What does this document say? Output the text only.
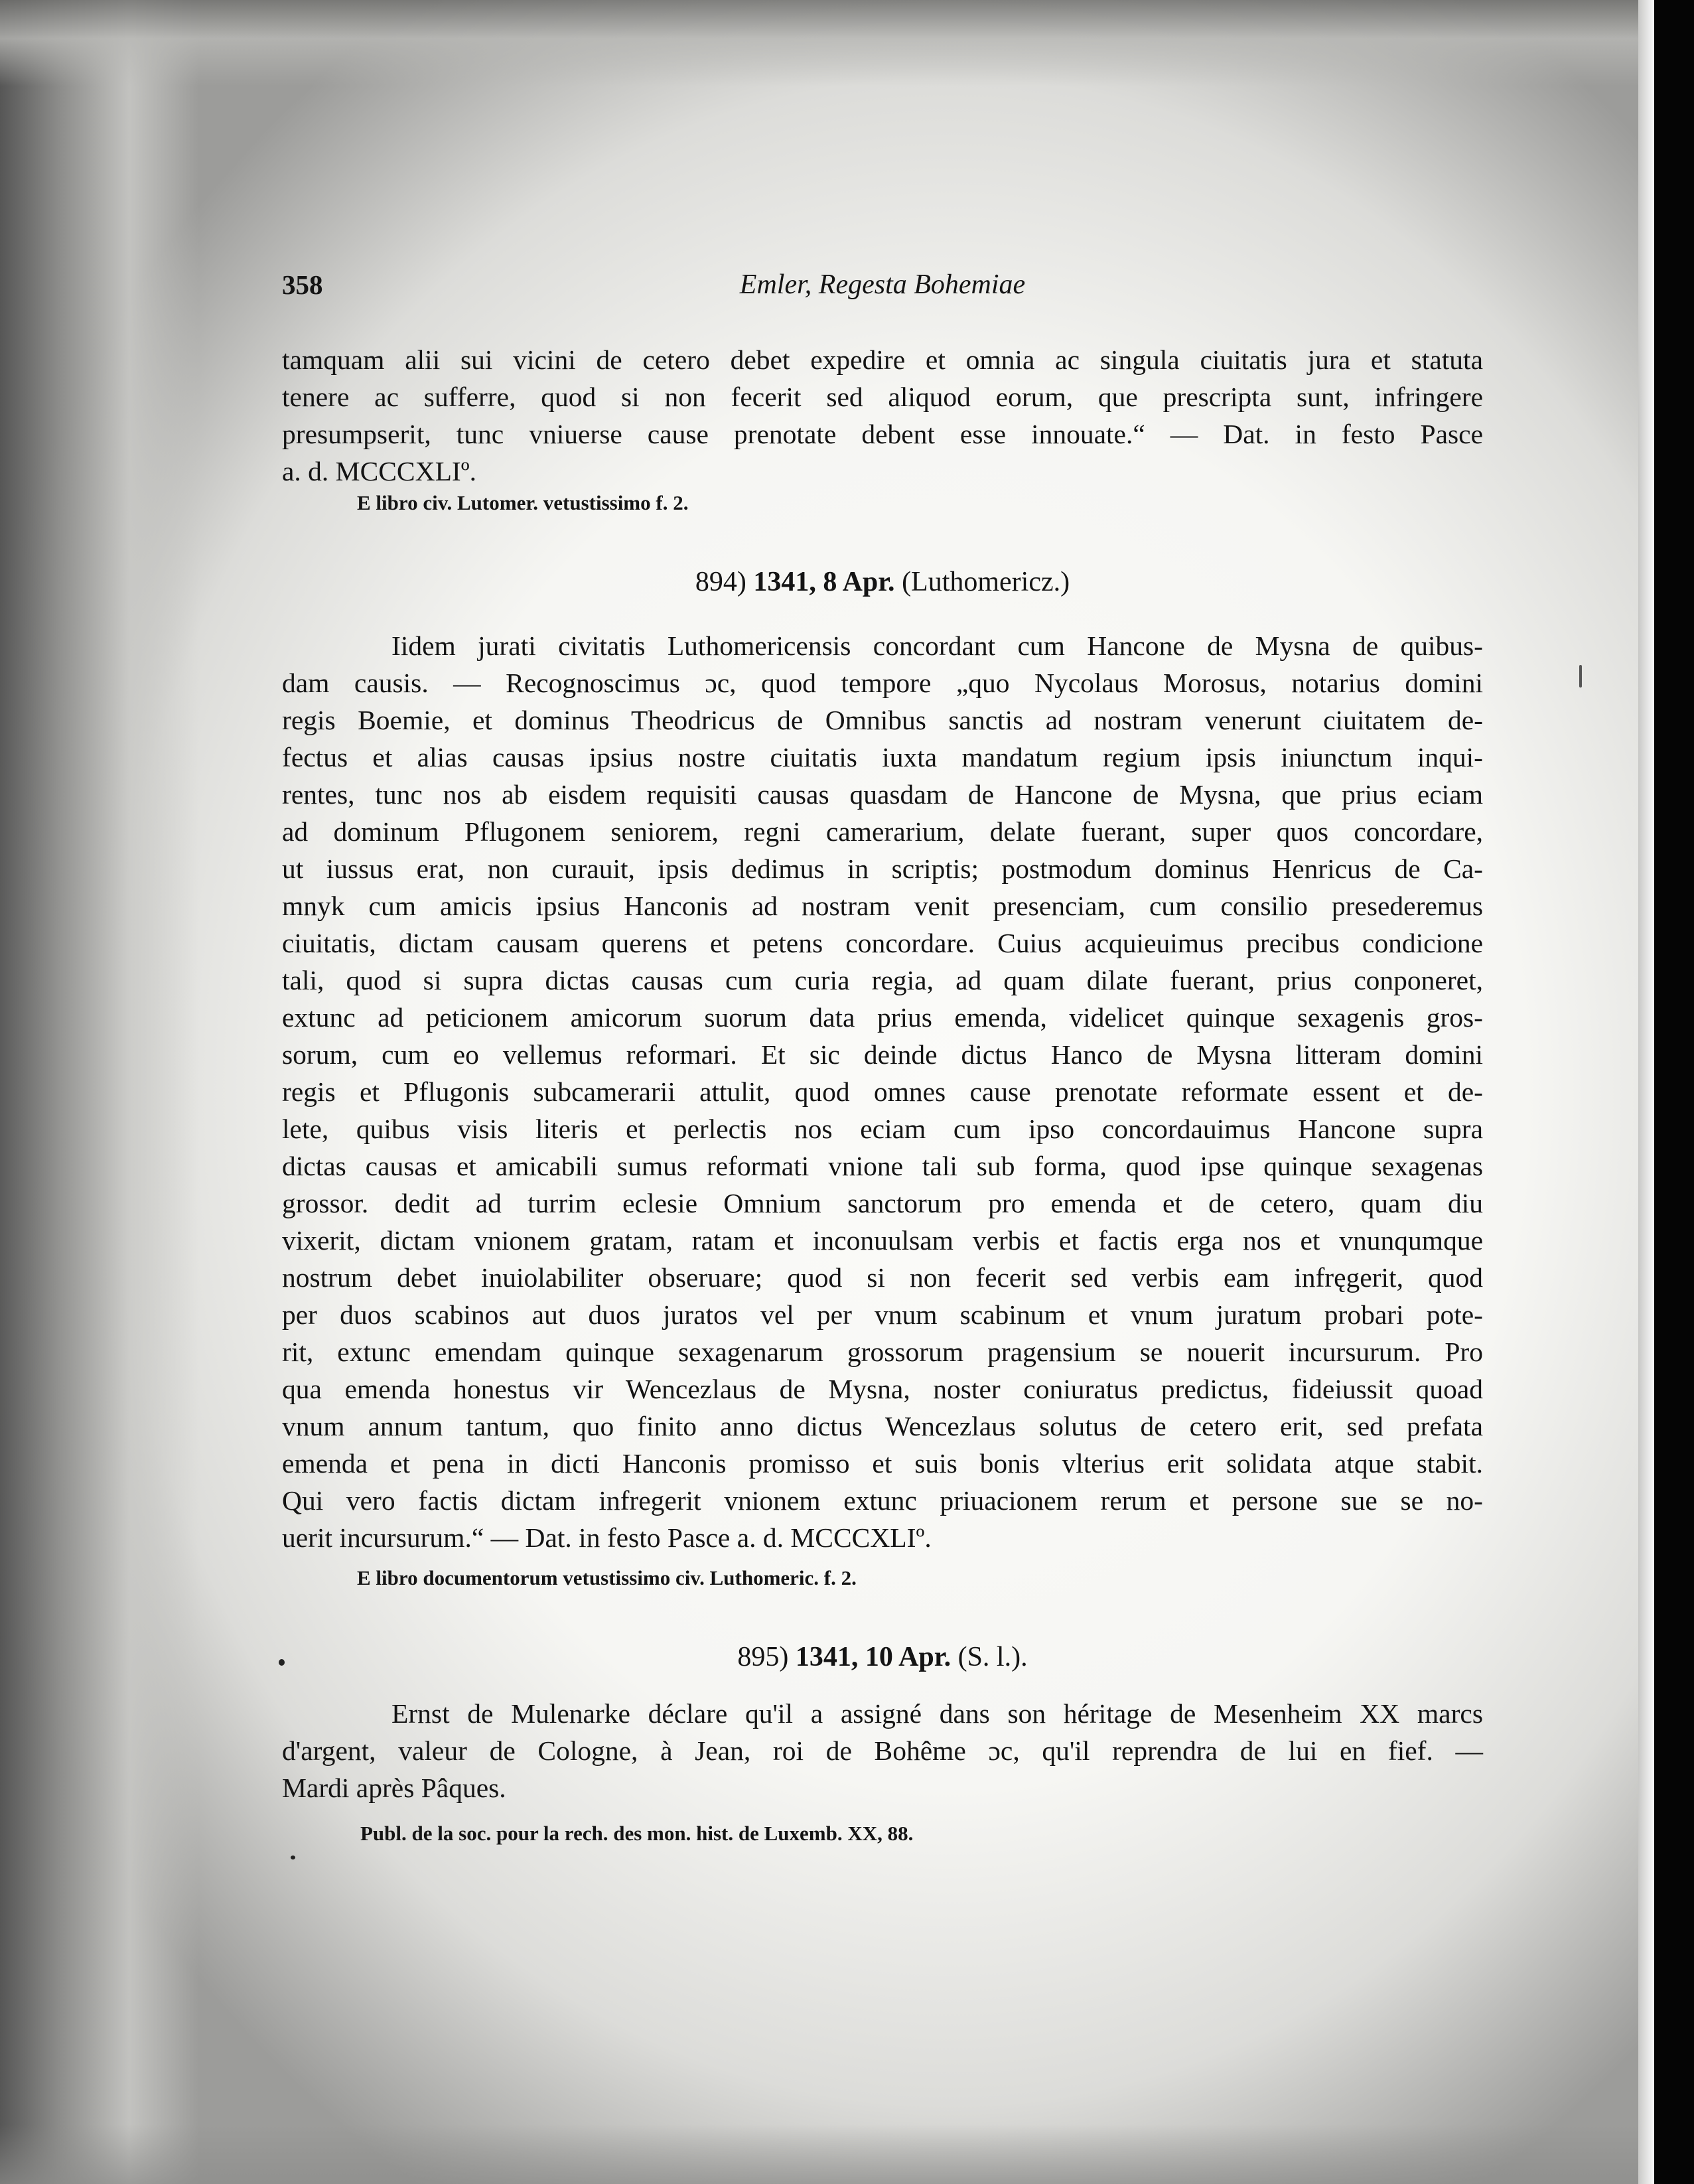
358	Emler, Regesta Bohemiae
tamquam alii sui vicini de cetero debet expedire et omnia ac singula ciuitatis jura et statuta
tenere ac sufferre, quod si non fecerit sed aliquod eorum, que prescripta sunt, infringere
presumpserit, tunc vniuerse cause prenotate debent esse innouate.“ — Dat. in festo Pasce
a. d. MCCCXLIº.
E libro civ. Lutomer. vetustissimo f. 2.
894) 1341, 8 Apr. (Luthomericz.)
Iidem jurati civitatis Luthomericensis concordant cum Hancone de Mysna de quibus-
dam causis. — Recognoscimus ɔc, quod tempore „quo Nycolaus Morosus, notarius domini
regis Boemie, et dominus Theodricus de Omnibus sanctis ad nostram venerunt ciuitatem de-
fectus et alias causas ipsius nostre ciuitatis iuxta mandatum regium ipsis iniunctum inqui-
rentes, tunc nos ab eisdem requisiti causas quasdam de Hancone de Mysna, que prius eciam
ad dominum Pflugonem seniorem, regni camerarium, delate fuerant, super quos concordare,
ut iussus erat, non curauit, ipsis dedimus in scriptis; postmodum dominus Henricus de Ca-
mnyk cum amicis ipsius Hanconis ad nostram venit presenciam, cum consilio presederemus
ciuitatis, dictam causam querens et petens concordare. Cuius acquieuimus precibus condicione
tali, quod si supra dictas causas cum curia regia, ad quam dilate fuerant, prius conponeret,
extunc ad peticionem amicorum suorum data prius emenda, videlicet quinque sexagenis gros-
sorum, cum eo vellemus reformari. Et sic deinde dictus Hanco de Mysna litteram domini
regis et Pflugonis subcamerarii attulit, quod omnes cause prenotate reformate essent et de-
lete, quibus visis literis et perlectis nos eciam cum ipso concordauimus Hancone supra
dictas causas et amicabili sumus reformati vnione tali sub forma, quod ipse quinque sexagenas
grossor. dedit ad turrim eclesie Omnium sanctorum pro emenda et de cetero, quam diu
vixerit, dictam vnionem gratam, ratam et inconuulsam verbis et factis erga nos et vnunqumque
nostrum debet inuiolabiliter obseruare; quod si non fecerit sed verbis eam infręgerit, quod
per duos scabinos aut duos juratos vel per vnum scabinum et vnum juratum probari pote-
rit, extunc emendam quinque sexagenarum grossorum pragensium se nouerit incursurum. Pro
qua emenda honestus vir Wencezlaus de Mysna, noster coniuratus predictus, fideiussit quoad
vnum annum tantum, quo finito anno dictus Wencezlaus solutus de cetero erit, sed prefata
emenda et pena in dicti Hanconis promisso et suis bonis vlterius erit solidata atque stabit.
Qui vero factis dictam infregerit vnionem extunc priuacionem rerum et persone sue se no-
uerit incursurum.“ — Dat. in festo Pasce a. d. MCCCXLIº.
E libro documentorum vetustissimo civ. Luthomeric. f. 2.
895) 1341, 10 Apr. (S. l.).
Ernst de Mulenarke déclare qu'il a assigné dans son héritage de Mesenheim XX marcs
d'argent, valeur de Cologne, à Jean, roi de Bohême ɔc, qu'il reprendra de lui en fief. —
Mardi après Pâques.
Publ. de la soc. pour la rech. des mon. hist. de Luxemb. XX, 88.
